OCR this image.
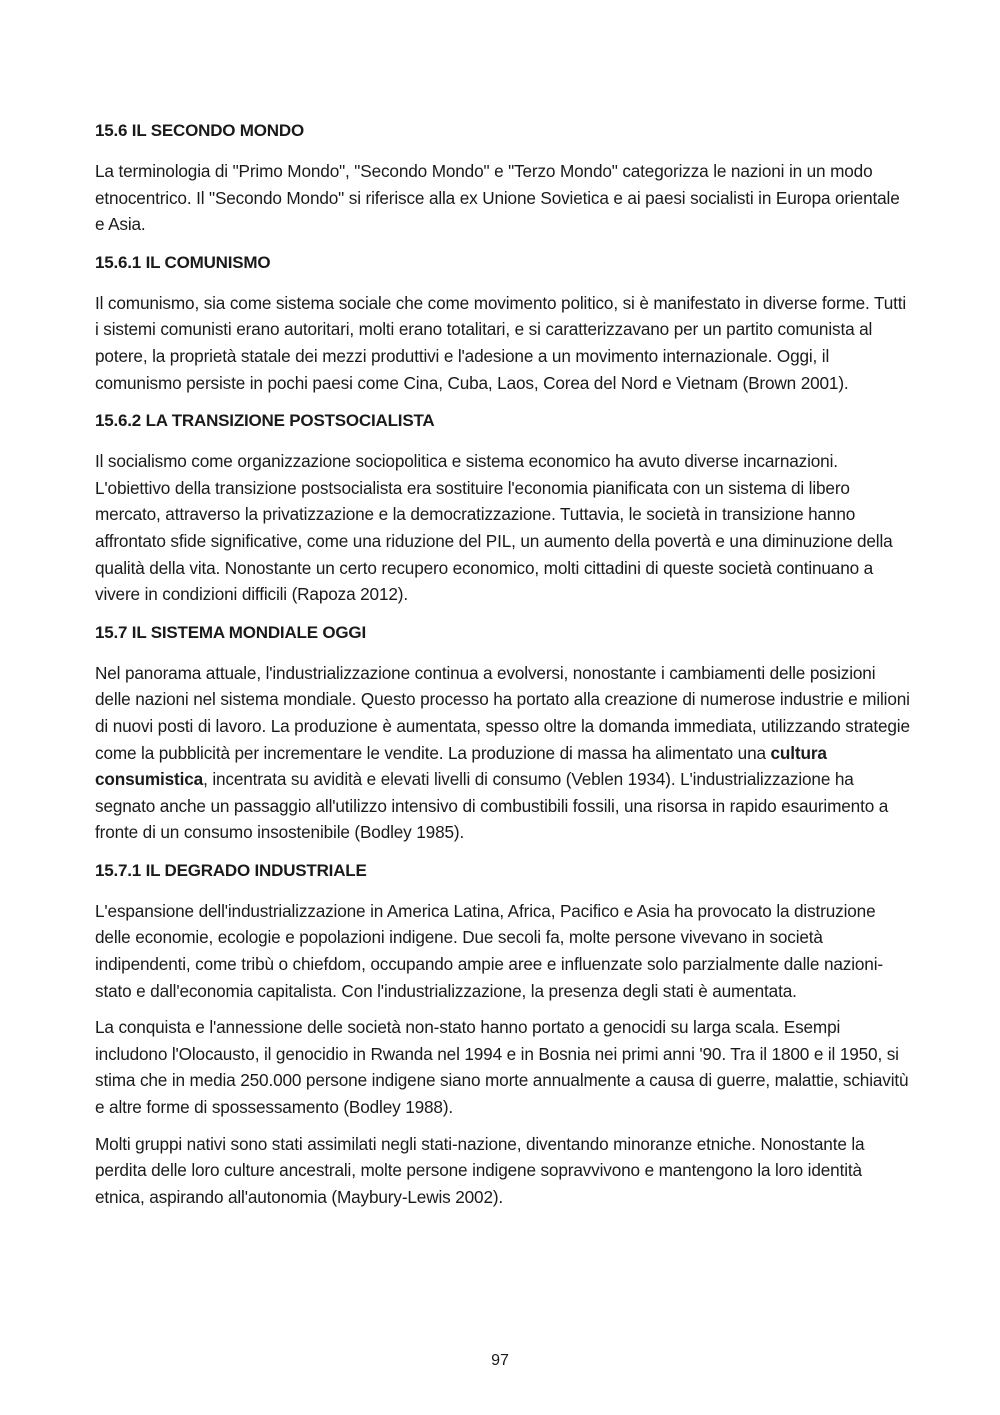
15.6 IL SECONDO MONDO

La terminologia di "Primo Mondo", "Secondo Mondo" e "Terzo Mondo" categorizza le nazioni in un modo etnocentrico. Il "Secondo Mondo" si riferisce alla ex Unione Sovietica e ai paesi socialisti in Europa orientale e Asia.

15.6.1 IL COMUNISMO

Il comunismo, sia come sistema sociale che come movimento politico, si è manifestato in diverse forme. Tutti i sistemi comunisti erano autoritari, molti erano totalitari, e si caratterizzavano per un partito comunista al potere, la proprietà statale dei mezzi produttivi e l'adesione a un movimento internazionale. Oggi, il comunismo persiste in pochi paesi come Cina, Cuba, Laos, Corea del Nord e Vietnam (Brown 2001).

15.6.2 LA TRANSIZIONE POSTSOCIALISTA

Il socialismo come organizzazione sociopolitica e sistema economico ha avuto diverse incarnazioni. L'obiettivo della transizione postsocialista era sostituire l'economia pianificata con un sistema di libero mercato, attraverso la privatizzazione e la democratizzazione. Tuttavia, le società in transizione hanno affrontato sfide significative, come una riduzione del PIL, un aumento della povertà e una diminuzione della qualità della vita. Nonostante un certo recupero economico, molti cittadini di queste società continuano a vivere in condizioni difficili (Rapoza 2012).

15.7 IL SISTEMA MONDIALE OGGI

Nel panorama attuale, l'industrializzazione continua a evolversi, nonostante i cambiamenti delle posizioni delle nazioni nel sistema mondiale. Questo processo ha portato alla creazione di numerose industrie e milioni di nuovi posti di lavoro. La produzione è aumentata, spesso oltre la domanda immediata, utilizzando strategie come la pubblicità per incrementare le vendite. La produzione di massa ha alimentato una cultura consumistica, incentrata su avidità e elevati livelli di consumo (Veblen 1934). L'industrializzazione ha segnato anche un passaggio all'utilizzo intensivo di combustibili fossili, una risorsa in rapido esaurimento a fronte di un consumo insostenibile (Bodley 1985).

15.7.1 IL DEGRADO INDUSTRIALE

L'espansione dell'industrializzazione in America Latina, Africa, Pacifico e Asia ha provocato la distruzione delle economie, ecologie e popolazioni indigene. Due secoli fa, molte persone vivevano in società indipendenti, come tribù o chiefdom, occupando ampie aree e influenzate solo parzialmente dalle nazioni-stato e dall'economia capitalista. Con l'industrializzazione, la presenza degli stati è aumentata.

La conquista e l'annessione delle società non-stato hanno portato a genocidi su larga scala. Esempi includono l'Olocausto, il genocidio in Rwanda nel 1994 e in Bosnia nei primi anni '90. Tra il 1800 e il 1950, si stima che in media 250.000 persone indigene siano morte annualmente a causa di guerre, malattie, schiavitù e altre forme di spossessamento (Bodley 1988).

Molti gruppi nativi sono stati assimilati negli stati-nazione, diventando minoranze etniche. Nonostante la perdita delle loro culture ancestrali, molte persone indigene sopravvivono e mantengono la loro identità etnica, aspirando all'autonomia (Maybury-Lewis 2002).

97
